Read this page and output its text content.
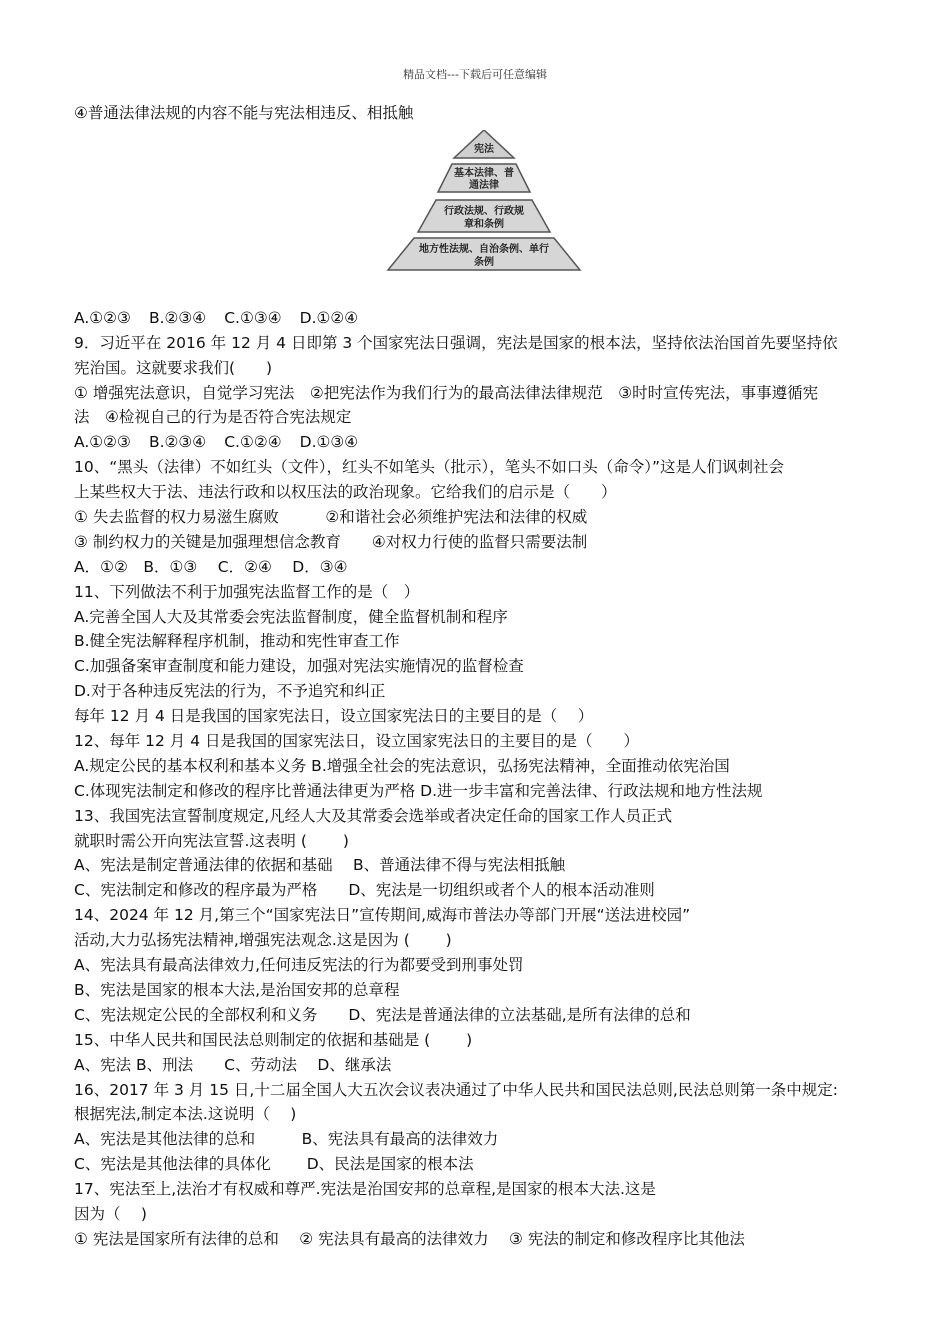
精品文档---下载后可任意编辑
④普通法律法规的内容不能与宪法相违反、相抵触
宪法
基本法律、普
通法律
行政法规、行政规
章和条例
地方性法规、自治条例、单行
条例
A.①②③ B.②③④ C.①③④ D.①②④
9．习近平在 2016 年 12 月 4 日即第 3 个国家宪法日强调，宪法是国家的根本法，坚持依法治国首先要坚持依
宪治国。这就要求我们(　　)
① 增强宪法意识，自觉学习宪法　②把宪法作为我们行为的最高法律法律规范　③时时宣传宪法，事事遵循宪
法　④检视自己的行为是否符合宪法规定
A.①②③ B.②③④ C.①②④ D.①③④
10、“黑头（法律）不如红头（文件），红头不如笔头（批示），笔头不如口头（命令）”这是人们讽刺社会
上某些权大于法、违法行政和以权压法的政治现象。它给我们的启示是（　　）
① 失去监督的权力易滋生腐败　　　②和谐社会必须维护宪法和法律的权威
③ 制约权力的关键是加强理想信念教育　　④对权力行使的监督只需要法制
A．①②　B．①③　 C．②④　 D．③④
11、下列做法不利于加强宪法监督工作的是（　）
A.完善全国人大及其常委会宪法监督制度，健全监督机制和程序
B.健全宪法解释程序机制，推动和宪性审查工作
C.加强备案审查制度和能力建设，加强对宪法实施情况的监督检查
D.对于各种违反宪法的行为，不予追究和纠正
每年 12 月 4 日是我国的国家宪法日，设立国家宪法日的主要目的是（　 ）
12、每年 12 月 4 日是我国的国家宪法日，设立国家宪法日的主要目的是（　　）
A.规定公民的基本权利和基本义务 B.增强全社会的宪法意识，弘扬宪法精神，全面推动依宪治国
C.体现宪法制定和修改的程序比普通法律更为严格 D.进一步丰富和完善法律、行政法规和地方性法规
13、我国宪法宣誓制度规定,凡经人大及其常委会选举或者决定任命的国家工作人员正式
就职时需公开向宪法宣誓.这表明 (　　 )
A、宪法是制定普通法律的依据和基础　 B、普通法律不得与宪法相抵触
C、宪法制定和修改的程序最为严格　　D、宪法是一切组织或者个人的根本活动准则
14、2024 年 12 月,第三个“国家宪法日”宣传期间,威海市普法办等部门开展“送法进校园”
活动,大力弘扬宪法精神,增强宪法观念.这是因为 (　　 )
A、宪法具有最高法律效力,任何违反宪法的行为都要受到刑事处罚
B、宪法是国家的根本大法,是治国安邦的总章程
C、宪法规定公民的全部权利和义务　　D、宪法是普通法律的立法基础,是所有法律的总和
15、中华人民共和国民法总则制定的依据和基础是 (　　 )
A、宪法 B、刑法　　C、劳动法　 D、继承法
16、2017 年 3 月 15 日,十二届全国人大五次会议表决通过了中华人民共和国民法总则,民法总则第一条中规定:
根据宪法,制定本法.这说明（　 )
A、宪法是其他法律的总和　　　B、宪法具有最高的法律效力
C、宪法是其他法律的具体化　　 D、民法是国家的根本法
17、宪法至上,法治才有权威和尊严.宪法是治国安邦的总章程,是国家的根本大法.这是
因为（　 )
① 宪法是国家所有法律的总和　 ② 宪法具有最高的法律效力　 ③ 宪法的制定和修改程序比其他法
